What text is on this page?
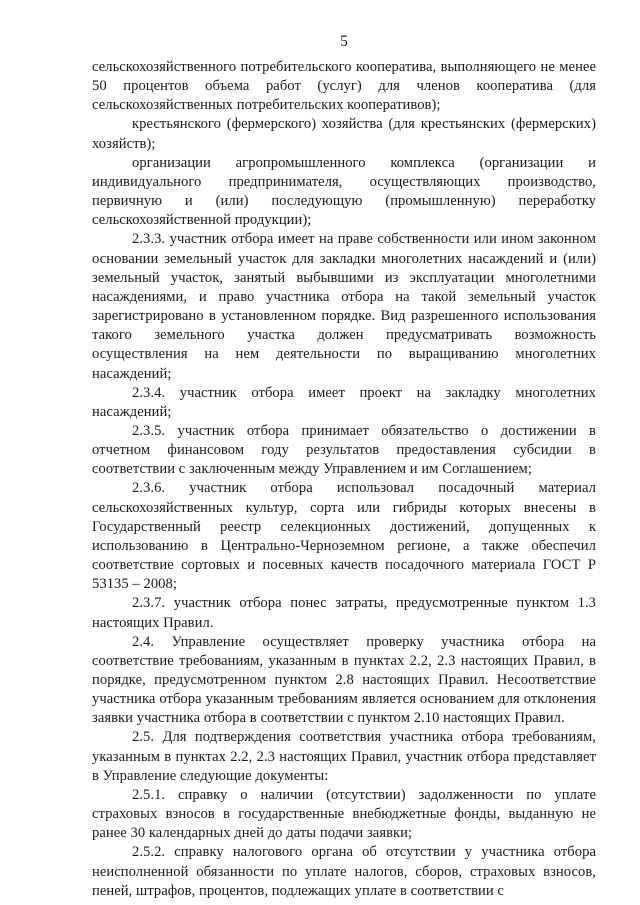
5

сельскохозяйственного потребительского кооператива, выполняющего не менее 50 процентов объема работ (услуг) для членов кооператива (для сельскохозяйственных потребительских кооперативов);

крестьянского (фермерского) хозяйства (для крестьянских (фермерских) хозяйств);

организации агропромышленного комплекса (организации и индивидуального предпринимателя, осуществляющих производство, первичную и (или) последующую (промышленную) переработку сельскохозяйственной продукции);

2.3.3. участник отбора имеет на праве собственности или ином законном основании земельный участок для закладки многолетних насаждений и (или) земельный участок, занятый выбывшими из эксплуатации многолетними насаждениями, и право участника отбора на такой земельный участок зарегистрировано в установленном порядке. Вид разрешенного использования такого земельного участка должен предусматривать возможность осуществления на нем деятельности по выращиванию многолетних насаждений;

2.3.4. участник отбора имеет проект на закладку многолетних насаждений;

2.3.5. участник отбора принимает обязательство о достижении в отчетном финансовом году результатов предоставления субсидии в соответствии с заключенным между Управлением и им Соглашением;

2.3.6. участник отбора использовал посадочный материал сельскохозяйственных культур, сорта или гибриды которых внесены в Государственный реестр селекционных достижений, допущенных к использованию в Центрально-Черноземном регионе, а также обеспечил соответствие сортовых и посевных качеств посадочного материала ГОСТ Р 53135 – 2008;

2.3.7. участник отбора понес затраты, предусмотренные пунктом 1.3 настоящих Правил.

2.4. Управление осуществляет проверку участника отбора на соответствие требованиям, указанным в пунктах 2.2, 2.3 настоящих Правил, в порядке, предусмотренном пунктом 2.8 настоящих Правил. Несоответствие участника отбора указанным требованиям является основанием для отклонения заявки участника отбора в соответствии с пунктом 2.10 настоящих Правил.

2.5. Для подтверждения соответствия участника отбора требованиям, указанным в пунктах 2.2, 2.3 настоящих Правил, участник отбора представляет в Управление следующие документы:

2.5.1. справку о наличии (отсутствии) задолженности по уплате страховых взносов в государственные внебюджетные фонды, выданную не ранее 30 календарных дней до даты подачи заявки;

2.5.2. справку налогового органа об отсутствии у участника отбора неисполненной обязанности по уплате налогов, сборов, страховых взносов, пеней, штрафов, процентов, подлежащих уплате в соответствии с
